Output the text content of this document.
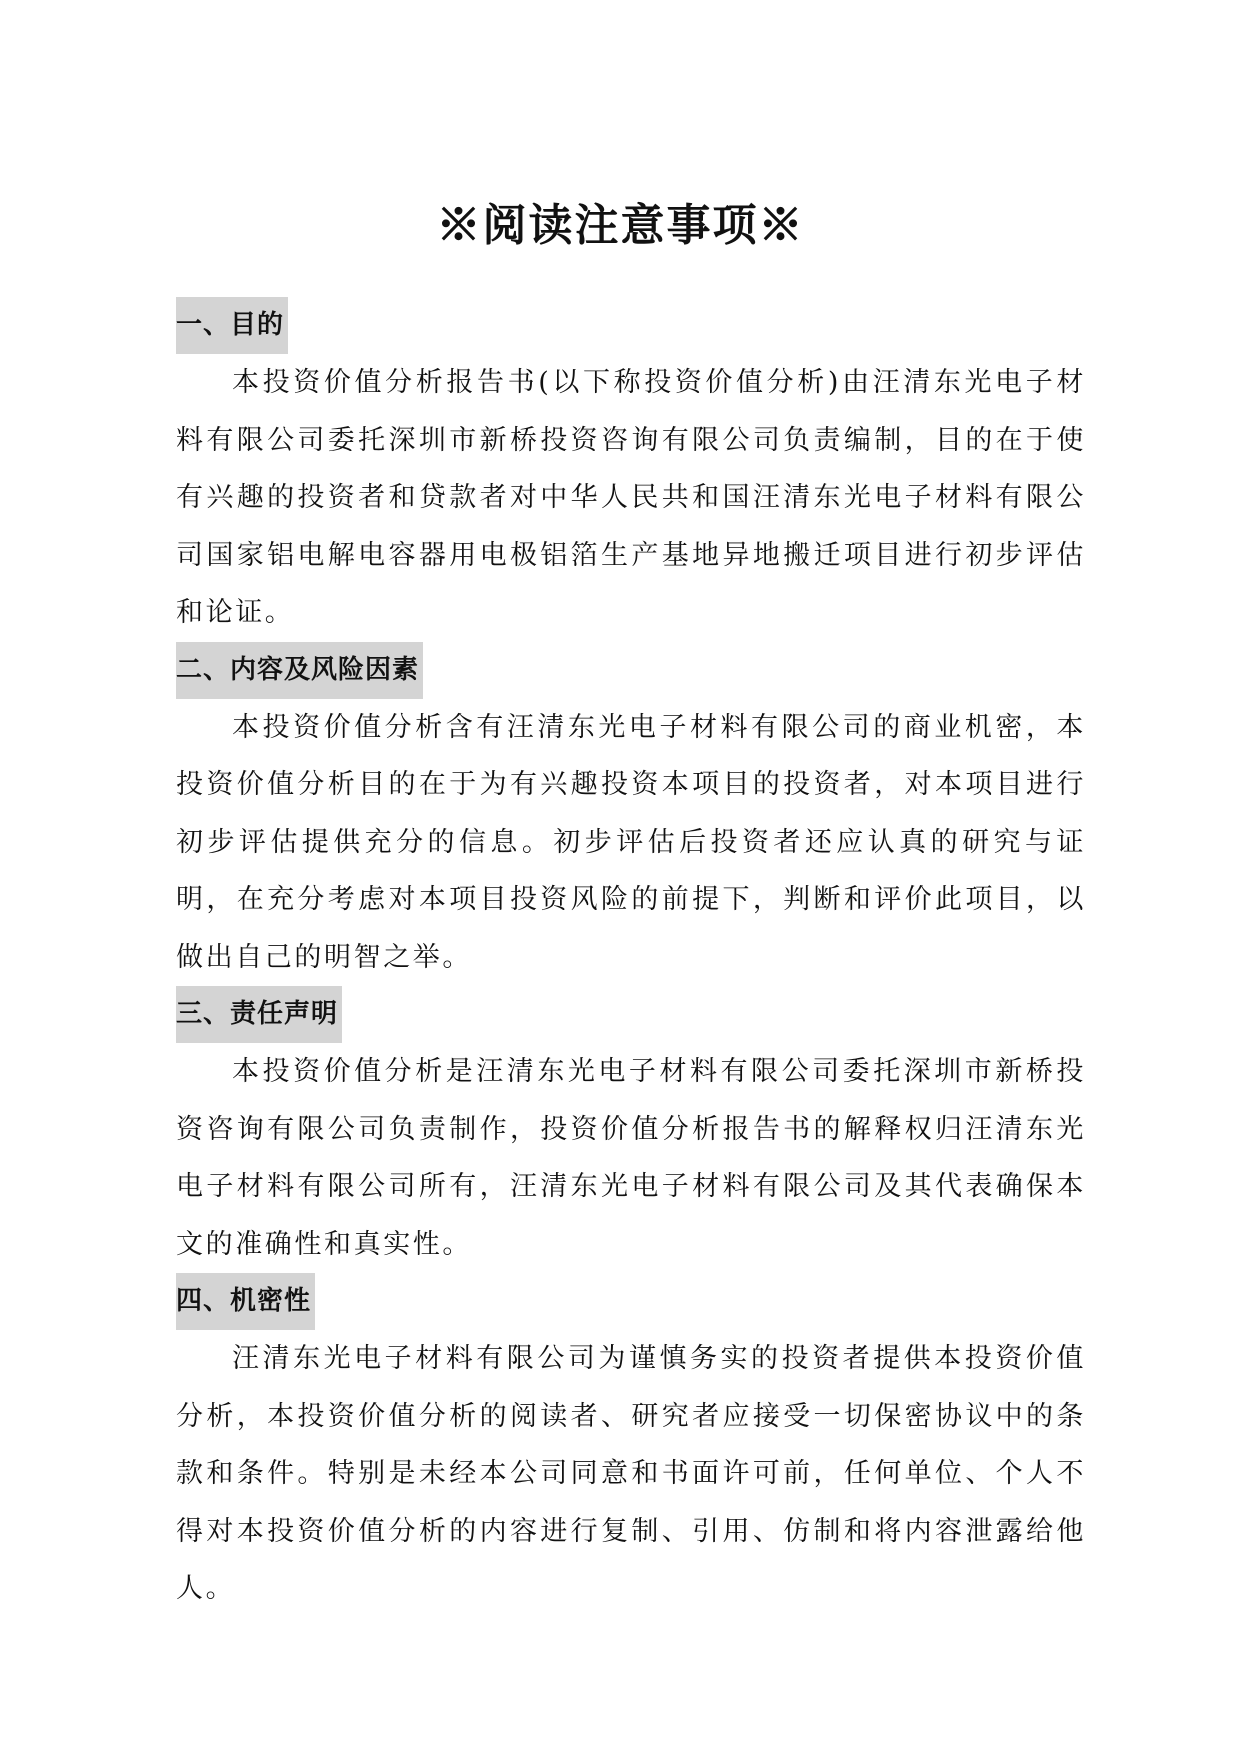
※阅读注意事项※
一、目的

本投资价值分析报告书(以下称投资价值分析)由汪清东光电子材料有限公司委托深圳市新桥投资咨询有限公司负责编制，目的在于使有兴趣的投资者和贷款者对中华人民共和国汪清东光电子材料有限公司国家铝电解电容器用电极铝箔生产基地异地搬迁项目进行初步评估和论证。

二、内容及风险因素

本投资价值分析含有汪清东光电子材料有限公司的商业机密，本投资价值分析目的在于为有兴趣投资本项目的投资者，对本项目进行初步评估提供充分的信息。初步评估后投资者还应认真的研究与证明，在充分考虑对本项目投资风险的前提下，判断和评价此项目，以做出自己的明智之举。

三、责任声明

本投资价值分析是汪清东光电子材料有限公司委托深圳市新桥投资咨询有限公司负责制作，投资价值分析报告书的解释权归汪清东光电子材料有限公司所有，汪清东光电子材料有限公司及其代表确保本文的准确性和真实性。

四、机密性

汪清东光电子材料有限公司为谨慎务实的投资者提供本投资价值分析，本投资价值分析的阅读者、研究者应接受一切保密协议中的条款和条件。特别是未经本公司同意和书面许可前，任何单位、个人不得对本投资价值分析的内容进行复制、引用、仿制和将内容泄露给他人。
